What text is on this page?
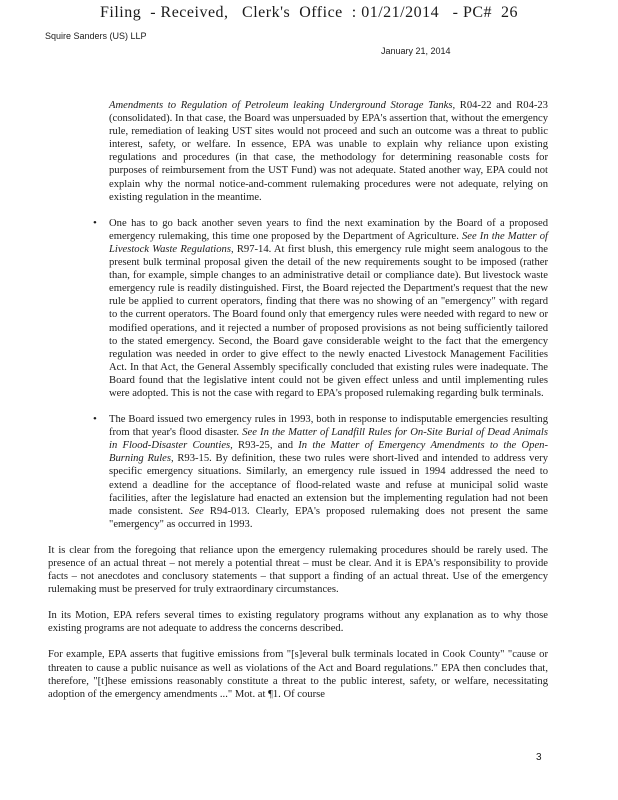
Filing  - Received,   Clerk's  Office  : 01/21/2014   - PC#  26
Squire Sanders (US) LLP
January 21, 2014

Amendments to Regulation of Petroleum leaking Underground Storage Tanks, R04-22 and R04-23 (consolidated). In that case, the Board was unpersuaded by EPA's assertion that, without the emergency rule, remediation of leaking UST sites would not proceed and such an outcome was a threat to public interest, safety, or welfare. In essence, EPA was unable to explain why reliance upon existing regulations and procedures (in that case, the methodology for determining reasonable costs for purposes of reimbursement from the UST Fund) was not adequate. Stated another way, EPA could not explain why the normal notice-and-comment rulemaking procedures were not adequate, relying on existing regulation in the meantime.

• One has to go back another seven years to find the next examination by the Board of a proposed emergency rulemaking, this time one proposed by the Department of Agriculture. See In the Matter of Livestock Waste Regulations, R97-14. At first blush, this emergency rule might seem analogous to the present bulk terminal proposal given the detail of the new requirements sought to be imposed (rather than, for example, simple changes to an administrative detail or compliance date). But livestock waste emergency rule is readily distinguished. First, the Board rejected the Department's request that the new rule be applied to current operators, finding that there was no showing of an "emergency" with regard to the current operators. The Board found only that emergency rules were needed with regard to new or modified operations, and it rejected a number of proposed provisions as not being sufficiently tailored to the stated emergency. Second, the Board gave considerable weight to the fact that the emergency regulation was needed in order to give effect to the newly enacted Livestock Management Facilities Act. In that Act, the General Assembly specifically concluded that existing rules were inadequate. The Board found that the legislative intent could not be given effect unless and until implementing rules were adopted. This is not the case with regard to EPA's proposed rulemaking regarding bulk terminals.
• The Board issued two emergency rules in 1993, both in response to indisputable emergencies resulting from that year's flood disaster. See In the Matter of Landfill Rules for On-Site Burial of Dead Animals in Flood-Disaster Counties, R93-25, and In the Matter of Emergency Amendments to the Open-Burning Rules, R93-15. By definition, these two rules were short-lived and intended to address very specific emergency situations. Similarly, an emergency rule issued in 1994 addressed the need to extend a deadline for the acceptance of flood-related waste and refuse at municipal solid waste facilities, after the legislature had enacted an extension but the implementing regulation had not been made consistent. See R94-013. Clearly, EPA's proposed rulemaking does not present the same "emergency" as occurred in 1993.

It is clear from the foregoing that reliance upon the emergency rulemaking procedures should be rarely used. The presence of an actual threat – not merely a potential threat – must be clear. And it is EPA's responsibility to provide facts – not anecdotes and conclusory statements – that support a finding of an actual threat. Use of the emergency rulemaking must be preserved for truly extraordinary circumstances.

In its Motion, EPA refers several times to existing regulatory programs without any explanation as to why those existing programs are not adequate to address the concerns described.

For example, EPA asserts that fugitive emissions from "[s]everal bulk terminals located in Cook County" "cause or threaten to cause a public nuisance as well as violations of the Act and Board regulations." EPA then concludes that, therefore, "[t]hese emissions reasonably constitute a threat to the public interest, safety, or welfare, necessitating adoption of the emergency amendments ..." Mot. at ¶1. Of course

3
